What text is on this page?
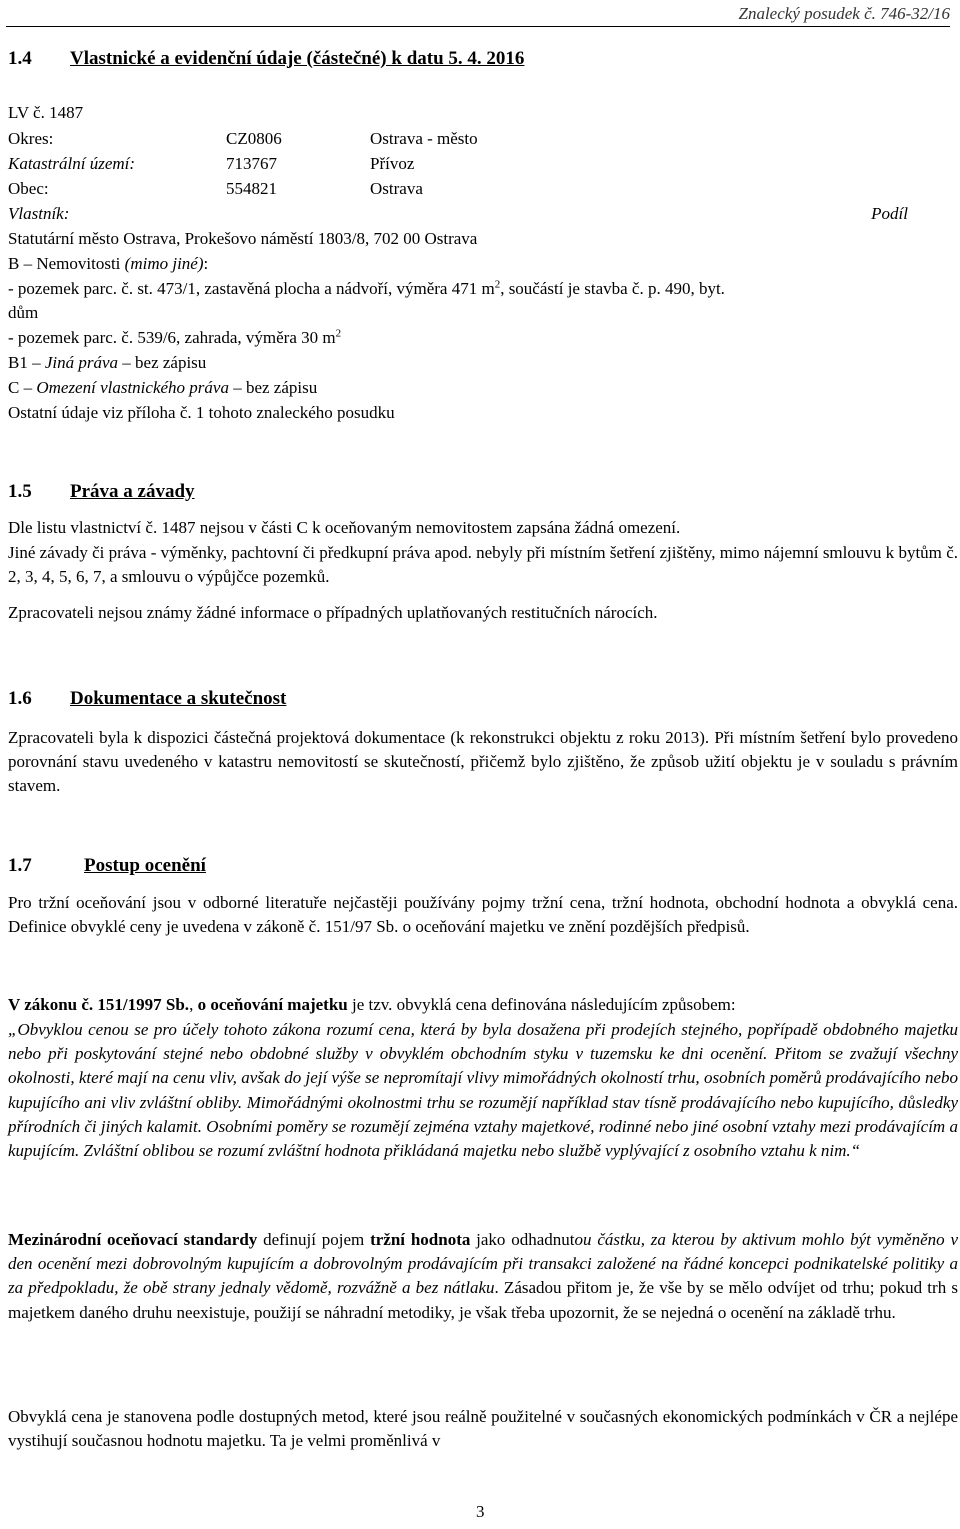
Znalecký posudek č. 746-32/16
1.4 Vlastnické a evidenční údaje (částečné) k datu 5. 4. 2016
LV č. 1487
Okres:	CZ0806	Ostrava - město
Katastrální území:	713767	Přívoz
Obec:	554821	Ostrava
Vlastník:	Podíl
Statutární město Ostrava, Prokešovo náměstí 1803/8, 702 00 Ostrava
B – Nemovitosti (mimo jiné):
- pozemek parc. č. st. 473/1, zastavěná plocha a nádvoří, výměra 471 $m^2$, součástí je stavba č. p. 490, byt.
dům
- pozemek parc. č. 539/6, zahrada, výměra 30 $m^2$
B1 – Jiná práva – bez zápisu
C – Omezení vlastnického práva – bez zápisu
Ostatní údaje viz příloha č. 1 tohoto znaleckého posudku
1.5 Práva a závady
Dle listu vlastnictví č. 1487 nejsou v části C k oceňovaným nemovitostem zapsána žádná omezení.
Jiné závady či práva - výměnky, pachtovní či předkupní práva apod. nebyly při místním šetření zjištěny, mimo nájemní smlouvu k bytům č. 2, 3, 4, 5, 6, 7, a smlouvu o výpůjčce pozemků.
Zpracovateli nejsou známy žádné informace o případných uplatňovaných restitučních nárocích.
1.6 Dokumentace a skutečnost
Zpracovateli byla k dispozici částečná projektová dokumentace (k rekonstrukci objektu z roku 2013). Při místním šetření bylo provedeno porovnání stavu uvedeného v katastru nemovitostí se skutečností, přičemž bylo zjištěno, že způsob užití objektu je v souladu s právním stavem.
1.7	Postup ocenění
Pro tržní oceňování jsou v odborné literatuře nejčastěji používány pojmy tržní cena, tržní hodnota, obchodní hodnota a obvyklá cena. Definice obvyklé ceny je uvedena v zákoně č. 151/97 Sb. o oceňování majetku ve znění pozdějších předpisů.
V zákonu č. 151/1997 Sb., o oceňování majetku je tzv. obvyklá cena definována následujícím způsobem:
„Obvyklou cenou se pro účely tohoto zákona rozumí cena, která by byla dosažena při prodejích stejného, popřípadě obdobného majetku nebo při poskytování stejné nebo obdobné služby v obvyklém obchodním styku v tuzemsku ke dni ocenění. Přitom se zvažují všechny okolnosti, které mají na cenu vliv, avšak do její výše se nepromítají vlivy mimořádných okolností trhu, osobních poměrů prodávajícího nebo kupujícího ani vliv zvláštní obliby. Mimořádnými okolnostmi trhu se rozumějí například stav tísně prodávajícího nebo kupujícího, důsledky přírodních či jiných kalamit. Osobními poměry se rozumějí zejména vztahy majetkové, rodinné nebo jiné osobní vztahy mezi prodávajícím a kupujícím. Zvláštní oblibou se rozumí zvláštní hodnota přikládaná majetku nebo službě vyplývající z osobního vztahu k nim.“
Mezinárodní oceňovací standardy definují pojem tržní hodnota jako odhadnutou částku, za kterou by aktivum mohlo být vyměněno v den ocenění mezi dobrovolným kupujícím a dobrovolným prodávajícím při transakci založené na řádné koncepci podnikatelské politiky a za předpokladu, že obě strany jednaly vědomě, rozvážně a bez nátlaku. Zásadou přitom je, že vše by se mělo odvíjet od trhu; pokud trh s majetkem daného druhu neexistuje, použijí se náhradní metodiky, je však třeba upozornit, že se nejedná o ocenění na základě trhu.
Obvyklá cena je stanovena podle dostupných metod, které jsou reálně použitelné v současných ekonomických podmínkách v ČR a nejlépe vystihují současnou hodnotu majetku. Ta je velmi proměnlivá v
3
